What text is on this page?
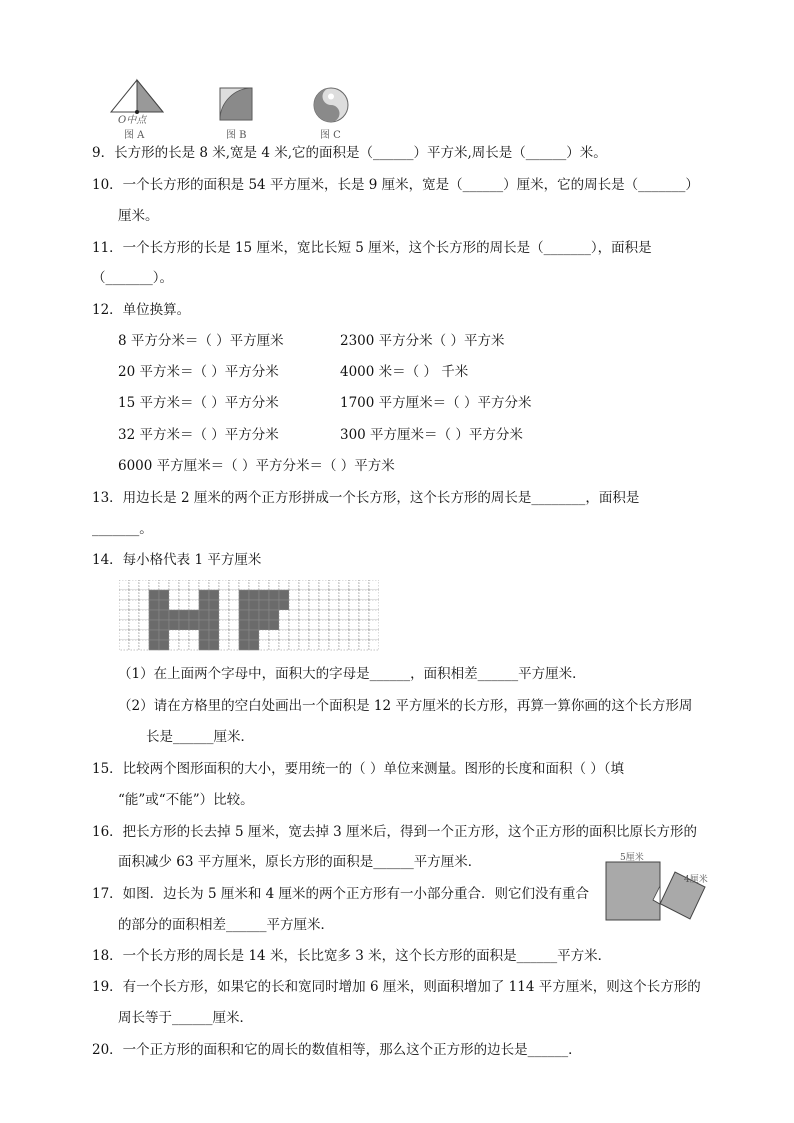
O中点
图 A	图 B	图 C
9．长方形的长是 8 米,宽是 4 米,它的面积是（______）平方米,周长是（______）米。
10．一个长方形的面积是 54 平方厘米，长是 9 厘米，宽是（______）厘米，它的周长是（_______）
厘米。
11．一个长方形的长是 15 厘米，宽比长短 5 厘米，这个长方形的周长是（_______），面积是
（_______）。
12．单位换算。
8 平方分米＝（ ）平方厘米	2300 平方分米（ ）平方米
20 平方米＝（ ）平方分米	4000 米＝（ ） 千米
15 平方米＝（ ）平方分米	1700 平方厘米＝（ ）平方分米
32 平方米＝（ ）平方分米	300 平方厘米＝（ ）平方分米
6000 平方厘米＝（ ）平方分米＝（ ）平方米
13．用边长是 2 厘米的两个正方形拼成一个长方形，这个长方形的周长是________，面积是
_______。
14．每小格代表 1 平方厘米
（1）在上面两个字母中，面积大的字母是______，面积相差______平方厘米．
（2）请在方格里的空白处画出一个面积是 12 平方厘米的长方形，再算一算你画的这个长方形周
长是______厘米．
15．比较两个图形面积的大小，要用统一的（ ）单位来测量。图形的长度和面积（ ）（填
“能”或“不能”）比较。
16．把长方形的长去掉 5 厘米，宽去掉 3 厘米后，得到一个正方形，这个正方形的面积比原长方形的
面积减少 63 平方厘米，原长方形的面积是______平方厘米．
17．如图．边长为 5 厘米和 4 厘米的两个正方形有一小部分重合．则它们没有重合
的部分的面积相差______平方厘米．
5厘米
4厘米
18．一个长方形的周长是 14 米，长比宽多 3 米，这个长方形的面积是______平方米．
19．有一个长方形，如果它的长和宽同时增加 6 厘米，则面积增加了 114 平方厘米，则这个长方形的
周长等于______厘米．
20．一个正方形的面积和它的周长的数值相等，那么这个正方形的边长是______．
